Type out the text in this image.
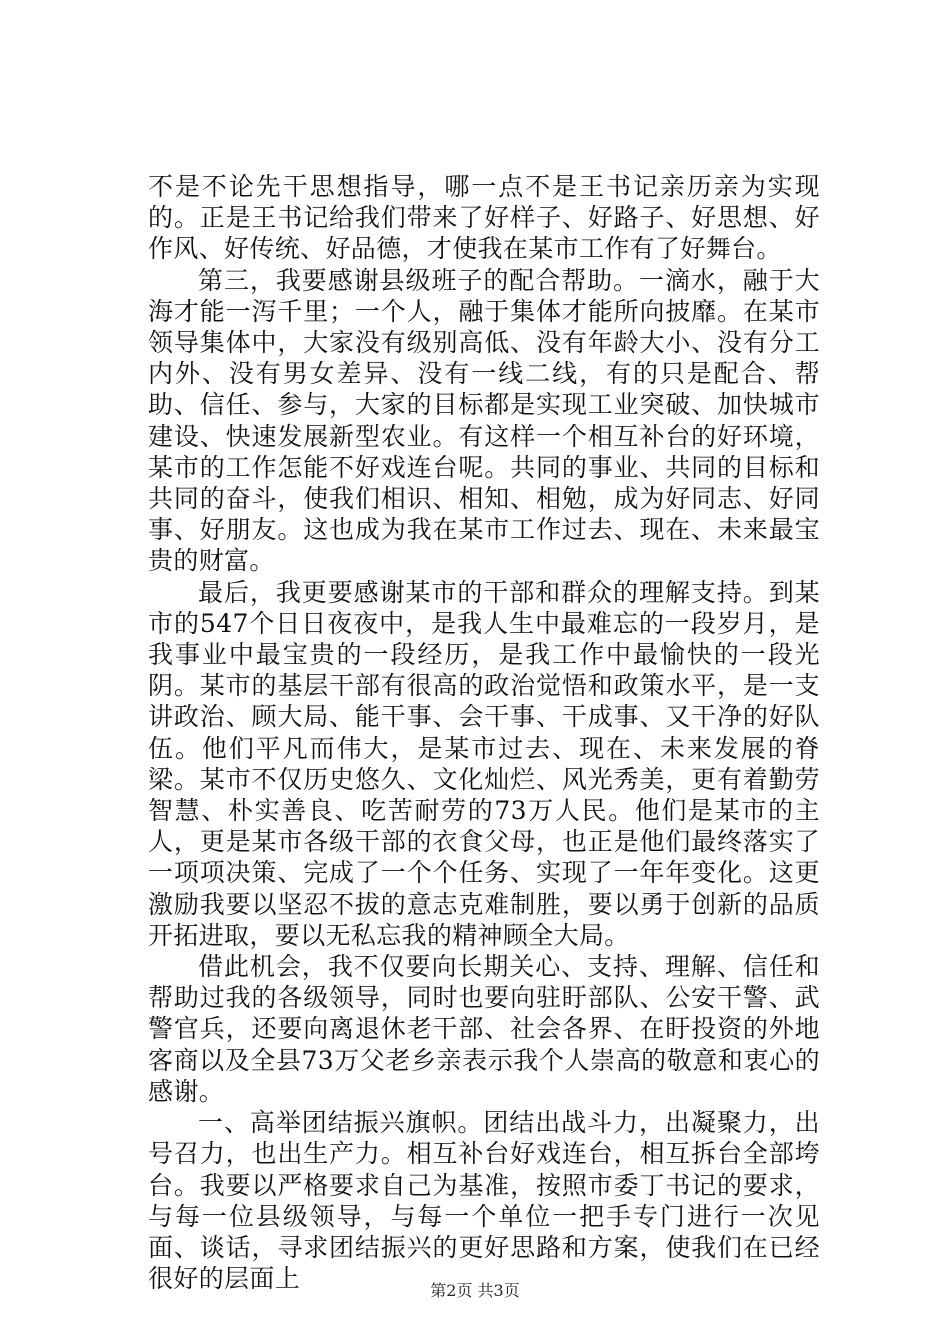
不是不论先干思想指导，哪一点不是王书记亲历亲为实现的。正是王书记给我们带来了好样子、好路子、好思想、好作风、好传统、好品德，才使我在某市工作有了好舞台。

第三，我要感谢县级班子的配合帮助。一滴水，融于大海才能一泻千里；一个人，融于集体才能所向披靡。在某市领导集体中，大家没有级别高低、没有年龄大小、没有分工内外、没有男女差异、没有一线二线，有的只是配合、帮助、信任、参与，大家的目标都是实现工业突破、加快城市建设、快速发展新型农业。有这样一个相互补台的好环境，某市的工作怎能不好戏连台呢。共同的事业、共同的目标和共同的奋斗，使我们相识、相知、相勉，成为好同志、好同事、好朋友。这也成为我在某市工作过去、现在、未来最宝贵的财富。

最后，我更要感谢某市的干部和群众的理解支持。到某市的547个日日夜夜中，是我人生中最难忘的一段岁月，是我事业中最宝贵的一段经历，是我工作中最愉快的一段光阴。某市的基层干部有很高的政治觉悟和政策水平，是一支讲政治、顾大局、能干事、会干事、干成事、又干净的好队伍。他们平凡而伟大，是某市过去、现在、未来发展的脊梁。某市不仅历史悠久、文化灿烂、风光秀美，更有着勤劳智慧、朴实善良、吃苦耐劳的73万人民。他们是某市的主人，更是某市各级干部的衣食父母，也正是他们最终落实了一项项决策、完成了一个个任务、实现了一年年变化。这更激励我要以坚忍不拔的意志克难制胜，要以勇于创新的品质开拓进取，要以无私忘我的精神顾全大局。

借此机会，我不仅要向长期关心、支持、理解、信任和帮助过我的各级领导，同时也要向驻盱部队、公安干警、武警官兵，还要向离退休老干部、社会各界、在盱投资的外地客商以及全县73万父老乡亲表示我个人崇高的敬意和衷心的感谢。

一、高举团结振兴旗帜。团结出战斗力，出凝聚力，出号召力，也出生产力。相互补台好戏连台，相互拆台全部垮台。我要以严格要求自己为基准，按照市委丁书记的要求，与每一位县级领导，与每一个单位一把手专门进行一次见面、谈话，寻求团结振兴的更好思路和方案，使我们在已经很好的层面上	第2页 共3页
